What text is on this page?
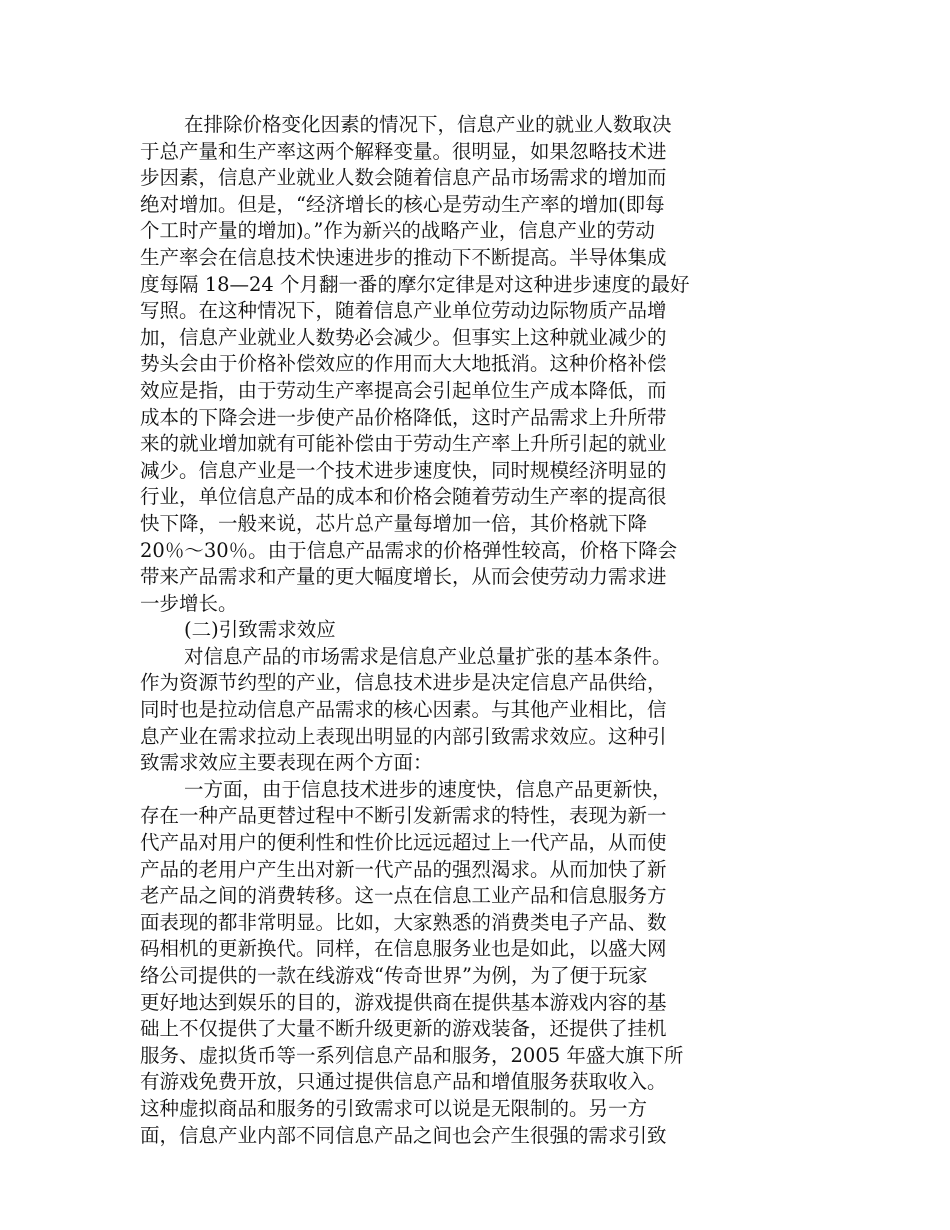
在排除价格变化因素的情况下，信息产业的就业人数取决
于总产量和生产率这两个解释变量。很明显，如果忽略技术进
步因素，信息产业就业人数会随着信息产品市场需求的增加而
绝对增加。但是，“经济增长的核心是劳动生产率的增加(即每
个工时产量的增加)。”作为新兴的战略产业，信息产业的劳动
生产率会在信息技术快速进步的推动下不断提高。半导体集成
度每隔 18—24 个月翻一番的摩尔定律是对这种进步速度的最好
写照。在这种情况下，随着信息产业单位劳动边际物质产品增
加，信息产业就业人数势必会减少。但事实上这种就业减少的
势头会由于价格补偿效应的作用而大大地抵消。这种价格补偿
效应是指，由于劳动生产率提高会引起单位生产成本降低，而
成本的下降会进一步使产品价格降低，这时产品需求上升所带
来的就业增加就有可能补偿由于劳动生产率上升所引起的就业
减少。信息产业是一个技术进步速度快，同时规模经济明显的
行业，单位信息产品的成本和价格会随着劳动生产率的提高很
快下降，一般来说，芯片总产量每增加一倍，其价格就下降
20％～30％。由于信息产品需求的价格弹性较高，价格下降会
带来产品需求和产量的更大幅度增长，从而会使劳动力需求进
一步增长。
(二)引致需求效应
对信息产品的市场需求是信息产业总量扩张的基本条件。
作为资源节约型的产业，信息技术进步是决定信息产品供给，
同时也是拉动信息产品需求的核心因素。与其他产业相比，信
息产业在需求拉动上表现出明显的内部引致需求效应。这种引
致需求效应主要表现在两个方面：
一方面，由于信息技术进步的速度快，信息产品更新快，
存在一种产品更替过程中不断引发新需求的特性，表现为新一
代产品对用户的便利性和性价比远远超过上一代产品，从而使
产品的老用户产生出对新一代产品的强烈渴求。从而加快了新
老产品之间的消费转移。这一点在信息工业产品和信息服务方
面表现的都非常明显。比如，大家熟悉的消费类电子产品、数
码相机的更新换代。同样，在信息服务业也是如此，以盛大网
络公司提供的一款在线游戏“传奇世界”为例，为了便于玩家
更好地达到娱乐的目的，游戏提供商在提供基本游戏内容的基
础上不仅提供了大量不断升级更新的游戏装备，还提供了挂机
服务、虚拟货币等一系列信息产品和服务，2005 年盛大旗下所
有游戏免费开放，只通过提供信息产品和增值服务获取收入。
这种虚拟商品和服务的引致需求可以说是无限制的。另一方
面，信息产业内部不同信息产品之间也会产生很强的需求引致
